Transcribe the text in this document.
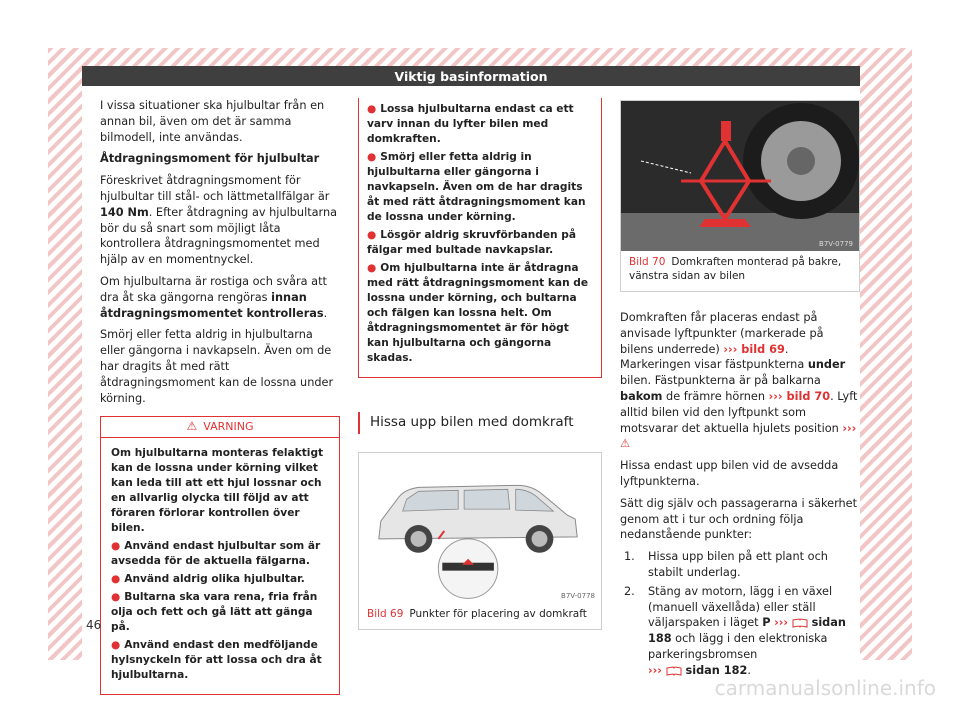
Viktig basinformation

I vissa situationer ska hjulbultar från en annan bil, även om det är samma bilmodell, inte användas.

Åtdragningsmoment för hjulbultar

Föreskrivet åtdragningsmoment för hjulbultar till stål- och lättmetallfälgar är 140 Nm. Efter åtdragning av hjulbultarna bör du så snart som möjligt låta kontrollera åtdragningsmomentet med hjälp av en momentnyckel.

Om hjulbultarna är rostiga och svåra att dra åt ska gängorna rengöras innan åtdragningsmomentet kontrolleras.

Smörj eller fetta aldrig in hjulbultarna eller gängorna i navkapseln. Även om de har dragits åt med rätt åtdragningsmoment kan de lossna under körning.

⚠ VARNING

Om hjulbultarna monteras felaktigt kan de lossna under körning vilket kan leda till att ett hjul lossnar och en allvarlig olycka till följd av att föraren förlorar kontrollen över bilen.

● Använd endast hjulbultar som är avsedda för de aktuella fälgarna.

● Använd aldrig olika hjulbultar.

● Bultarna ska vara rena, fria från olja och fett och gå lätt att gänga på.

● Använd endast den medföljande hylsnyckeln för att lossa och dra åt hjulbultarna.

● Lossa hjulbultarna endast ca ett varv innan du lyfter bilen med domkraften.

● Smörj eller fetta aldrig in hjulbultarna eller gängorna i navkapseln. Även om de har dragits åt med rätt åtdragningsmoment kan de lossna under körning.

● Lösgör aldrig skruvförbanden på fälgar med bultade navkapslar.

● Om hjulbultarna inte är åtdragna med rätt åtdragningsmoment kan de lossna under körning, och bultarna och fälgen kan lossna helt. Om åtdragningsmomentet är för högt kan hjulbultarna och gängorna skadas.

Hissa upp bilen med domkraft
B7V-0778
Bild 69 Punkter för placering av domkraft
B7V-0779
Bild 70 Domkraften monterad på bakre, vänstra sidan av bilen

Domkraften får placeras endast på anvisade lyftpunkter (markerade på bilens underrede) ››› bild 69. Markeringen visar fästpunkterna under bilen. Fästpunkterna är på balkarna bakom de främre hörnen ››› bild 70. Lyft alltid bilen vid den lyftpunkt som motsvarar det aktuella hjulets position ››› ⚠

Hissa endast upp bilen vid de avsedda lyftpunkterna.

Sätt dig själv och passagerarna i säkerhet genom att i tur och ordning följa nedanstående punkter:

1.	Hissa upp bilen på ett plant och stabilt underlag.
2.	Stäng av motorn, lägg i en växel (manuell växellåda) eller ställ väljarspaken i läget P ›››  sidan 188 och lägg i den elektroniska parkeringsbromsen
›››  sidan 182.
46
carmanualsonline.info
